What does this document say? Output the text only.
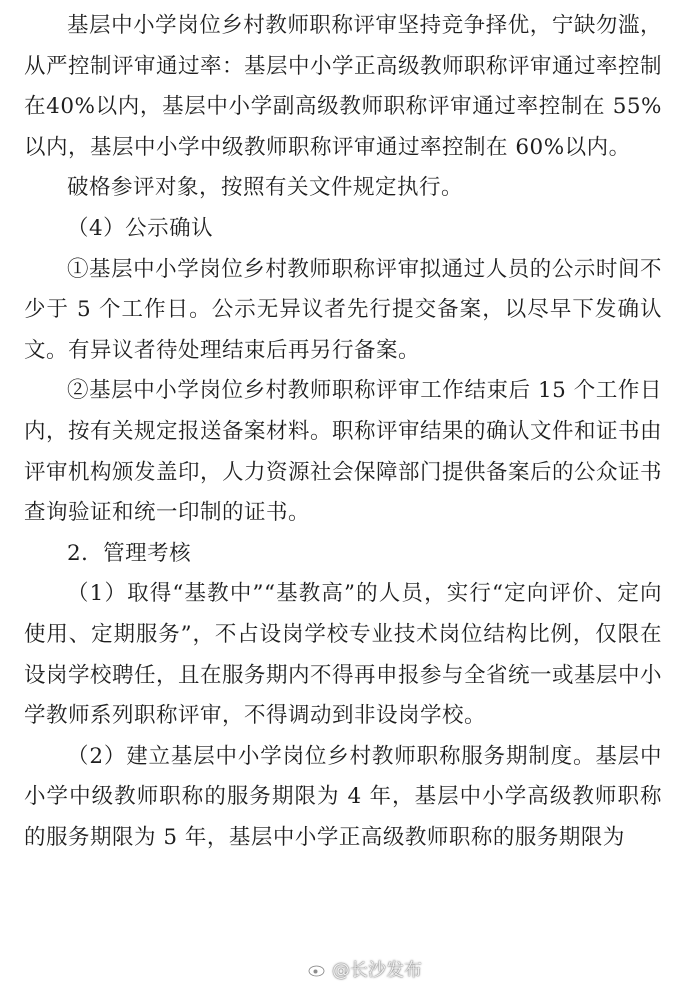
基层中小学岗位乡村教师职称评审坚持竞争择优，宁缺勿滥，从严控制评审通过率：基层中小学正高级教师职称评审通过率控制在40%以内，基层中小学副高级教师职称评审通过率控制在 55%以内，基层中小学中级教师职称评审通过率控制在 60%以内。

破格参评对象，按照有关文件规定执行。

（4）公示确认

①基层中小学岗位乡村教师职称评审拟通过人员的公示时间不少于 5 个工作日。公示无异议者先行提交备案，以尽早下发确认文。有异议者待处理结束后再另行备案。

②基层中小学岗位乡村教师职称评审工作结束后 15 个工作日内，按有关规定报送备案材料。职称评审结果的确认文件和证书由评审机构颁发盖印，人力资源社会保障部门提供备案后的公众证书查询验证和统一印制的证书。

2．管理考核

（1）取得“基教中”“基教高”的人员，实行“定向评价、定向使用、定期服务”，不占设岗学校专业技术岗位结构比例，仅限在设岗学校聘任，且在服务期内不得再申报参与全省统一或基层中小学教师系列职称评审，不得调动到非设岗学校。

（2）建立基层中小学岗位乡村教师职称服务期制度。基层中小学中级教师职称的服务期限为 4 年，基层中小学高级教师职称的服务期限为 5 年，基层中小学正高级教师职称的服务期限为

@长沙发布
